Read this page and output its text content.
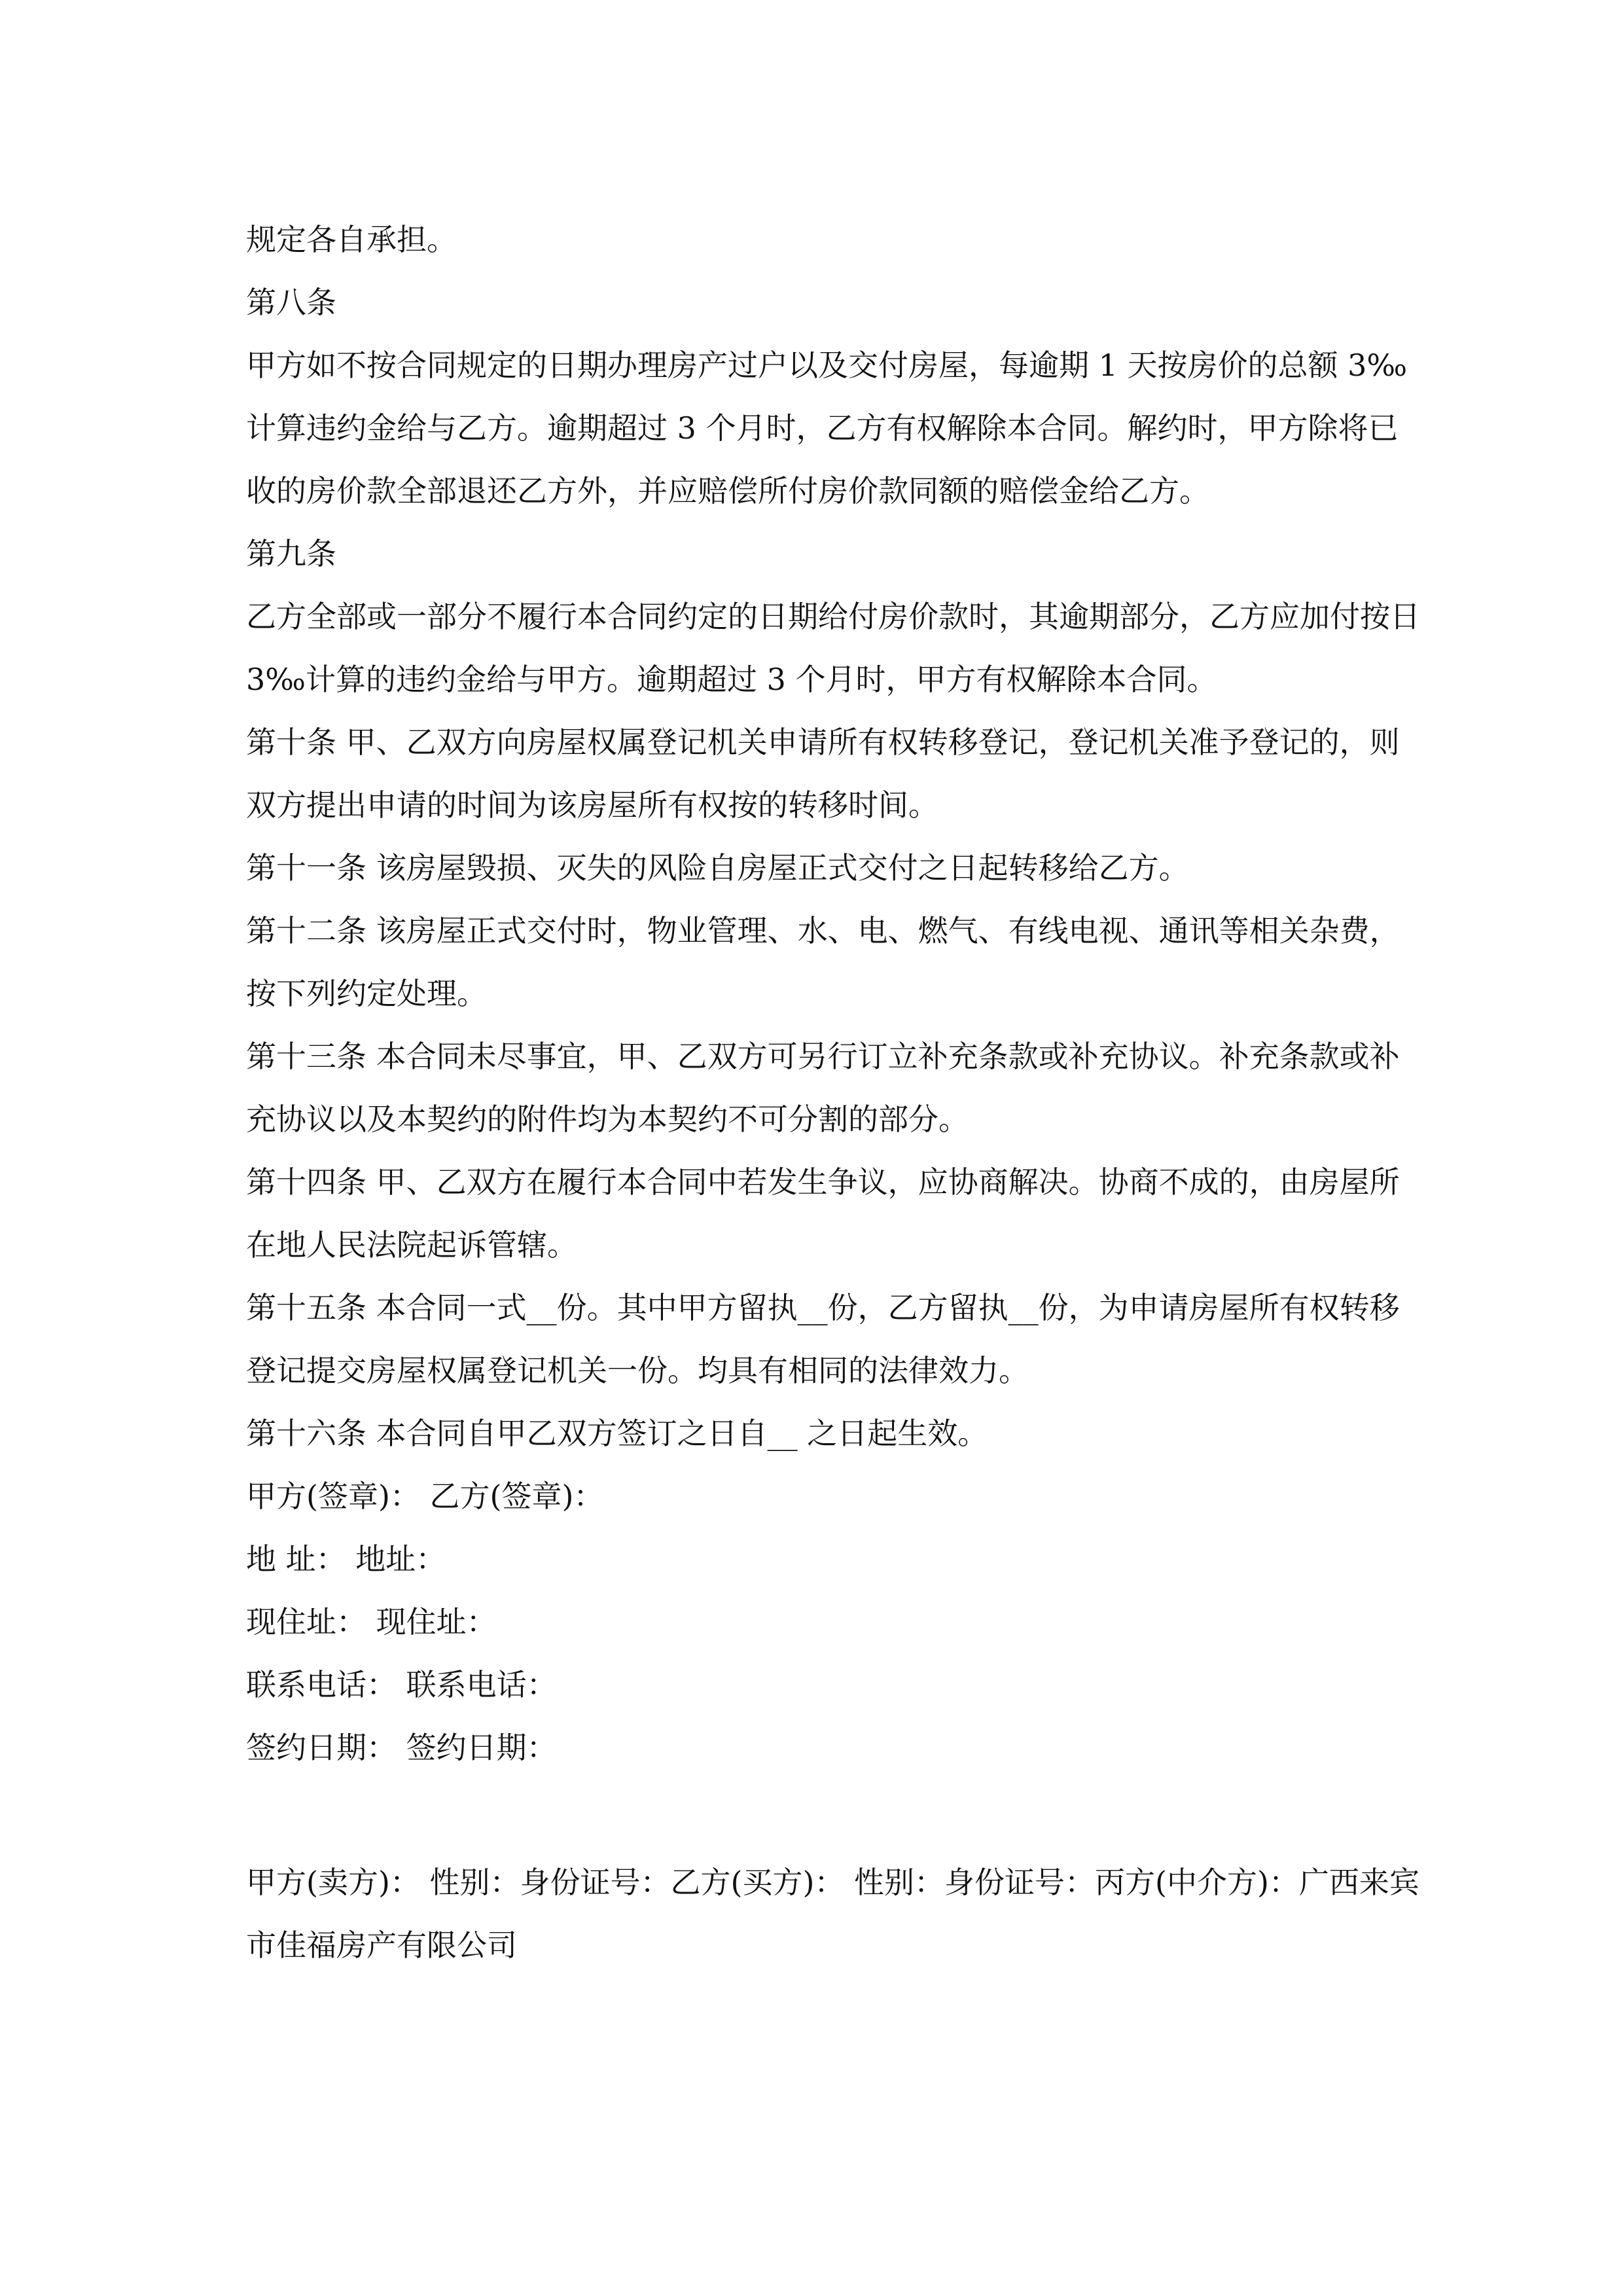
规定各自承担。

第八条

甲方如不按合同规定的日期办理房产过户以及交付房屋，每逾期 1 天按房价的总额 3‰计算违约金给与乙方。逾期超过 3 个月时，乙方有权解除本合同。解约时，甲方除将已收的房价款全部退还乙方外，并应赔偿所付房价款同额的赔偿金给乙方。

第九条

乙方全部或一部分不履行本合同约定的日期给付房价款时，其逾期部分，乙方应加付按日 3‰计算的违约金给与甲方。逾期超过 3 个月时，甲方有权解除本合同。

第十条 甲、乙双方向房屋权属登记机关申请所有权转移登记，登记机关准予登记的，则双方提出申请的时间为该房屋所有权按的转移时间。

第十一条 该房屋毁损、灭失的风险自房屋正式交付之日起转移给乙方。

第十二条 该房屋正式交付时，物业管理、水、电、燃气、有线电视、通讯等相关杂费，按下列约定处理。

第十三条 本合同未尽事宜，甲、乙双方可另行订立补充条款或补充协议。补充条款或补充协议以及本契约的附件均为本契约不可分割的部分。

第十四条 甲、乙双方在履行本合同中若发生争议，应协商解决。协商不成的，由房屋所在地人民法院起诉管辖。

第十五条 本合同一式__份。其中甲方留执__份，乙方留执__份，为申请房屋所有权转移登记提交房屋权属登记机关一份。均具有相同的法律效力。

第十六条 本合同自甲乙双方签订之日自__ 之日起生效。

甲方(签章)： 乙方(签章)：

地 址： 地址：

现住址： 现住址：

联系电话： 联系电话：

签约日期： 签约日期：

甲方(卖方)： 性别：身份证号：乙方(买方)： 性别：身份证号：丙方(中介方)：广西来宾市佳福房产有限公司
